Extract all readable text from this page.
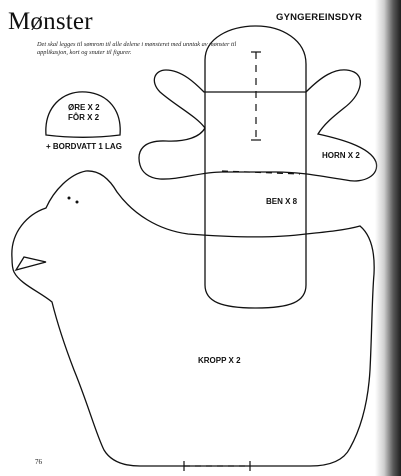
Mønster
Det skal legges til sømrom til alle delene i mønsteret med unntak av mønster til applikasjon, kort og snuter til figurer.
GYNGEREINSDYR
ØRE X 2
FÔR X 2
+ BORDVATT 1 LAG
HORN X 2
BEN X 8
KROPP X 2
76
